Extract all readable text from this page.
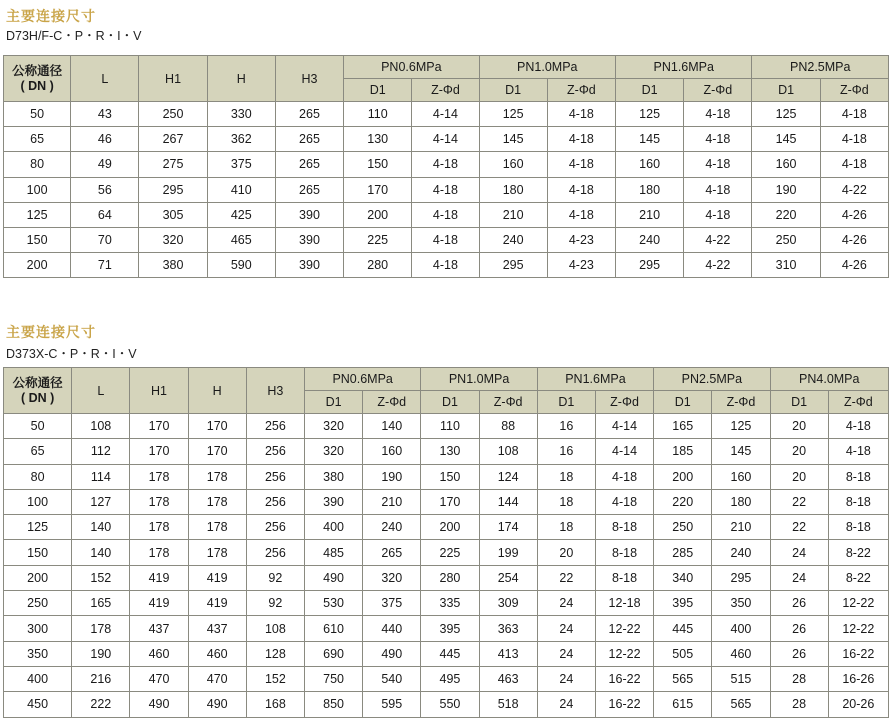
主要连接尺寸
D73H/F-C・P・R・I・V
公称通径
( DN )	L	H1	H	H3	PN0.6MPa		PN1.0MPa		PN1.6MPa		PN2.5MPa	
					D1	Z-Φd	D1	Z-Φd	D1	Z-Φd	D1	Z-Φd
50	43	250	330	265	110	4-14	125	4-18	125	4-18	125	4-18
65	46	267	362	265	130	4-14	145	4-18	145	4-18	145	4-18
80	49	275	375	265	150	4-18	160	4-18	160	4-18	160	4-18
100	56	295	410	265	170	4-18	180	4-18	180	4-18	190	4-22
125	64	305	425	390	200	4-18	210	4-18	210	4-18	220	4-26
150	70	320	465	390	225	4-18	240	4-23	240	4-22	250	4-26
200	71	380	590	390	280	4-18	295	4-23	295	4-22	310	4-26
主要连接尺寸
D373X-C・P・R・I・V
公称通径
( DN )	L	H1	H	H3	PN0.6MPa		PN1.0MPa		PN1.6MPa		PN2.5MPa		PN4.0MPa	
					D1	Z-Φd	D1	Z-Φd	D1	Z-Φd	D1	Z-Φd	D1	Z-Φd
50	108	170	170	256	320	140	110	88	16	4-14	165	125	20	4-18
65	112	170	170	256	320	160	130	108	16	4-14	185	145	20	4-18
80	114	178	178	256	380	190	150	124	18	4-18	200	160	20	8-18
100	127	178	178	256	390	210	170	144	18	4-18	220	180	22	8-18
125	140	178	178	256	400	240	200	174	18	8-18	250	210	22	8-18
150	140	178	178	256	485	265	225	199	20	8-18	285	240	24	8-22
200	152	419	419	92	490	320	280	254	22	8-18	340	295	24	8-22
250	165	419	419	92	530	375	335	309	24	12-18	395	350	26	12-22
300	178	437	437	108	610	440	395	363	24	12-22	445	400	26	12-22
350	190	460	460	128	690	490	445	413	24	12-22	505	460	26	16-22
400	216	470	470	152	750	540	495	463	24	16-22	565	515	28	16-26
450	222	490	490	168	850	595	550	518	24	16-22	615	565	28	20-26
